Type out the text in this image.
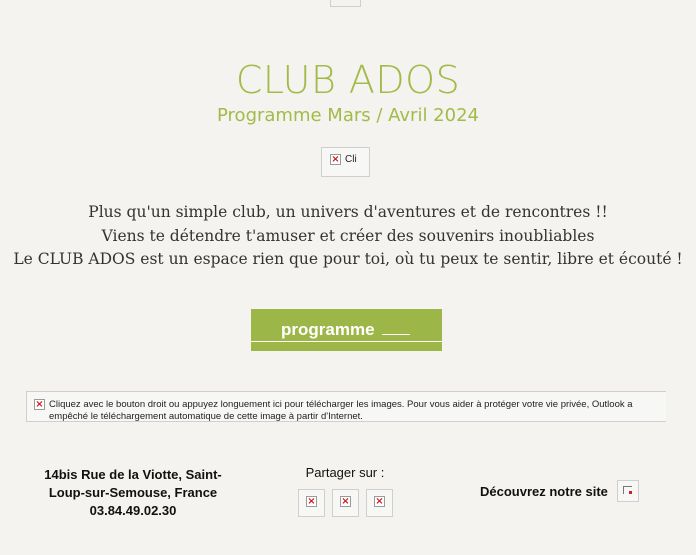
CLUB ADOS
Programme Mars / Avril 2024
× Cli
Plus qu'un simple club, un univers d'aventures et de rencontres !!
Viens te détendre t'amuser et créer des souvenirs inoubliables
Le CLUB ADOS est un espace rien que pour toi, où tu peux te sentir, libre et écouté !
programme
× Cliquez avec le bouton droit ou appuyez longuement ici pour télécharger les images. Pour vous aider à protéger votre vie privée, Outlook a empêché le téléchargement automatique de cette image à partir d'Internet.
14bis Rue de la Viotte, Saint-
Loup-sur-Semouse, France
03.84.49.02.30
Partager sur :
×	×	×
Découvrez notre site
